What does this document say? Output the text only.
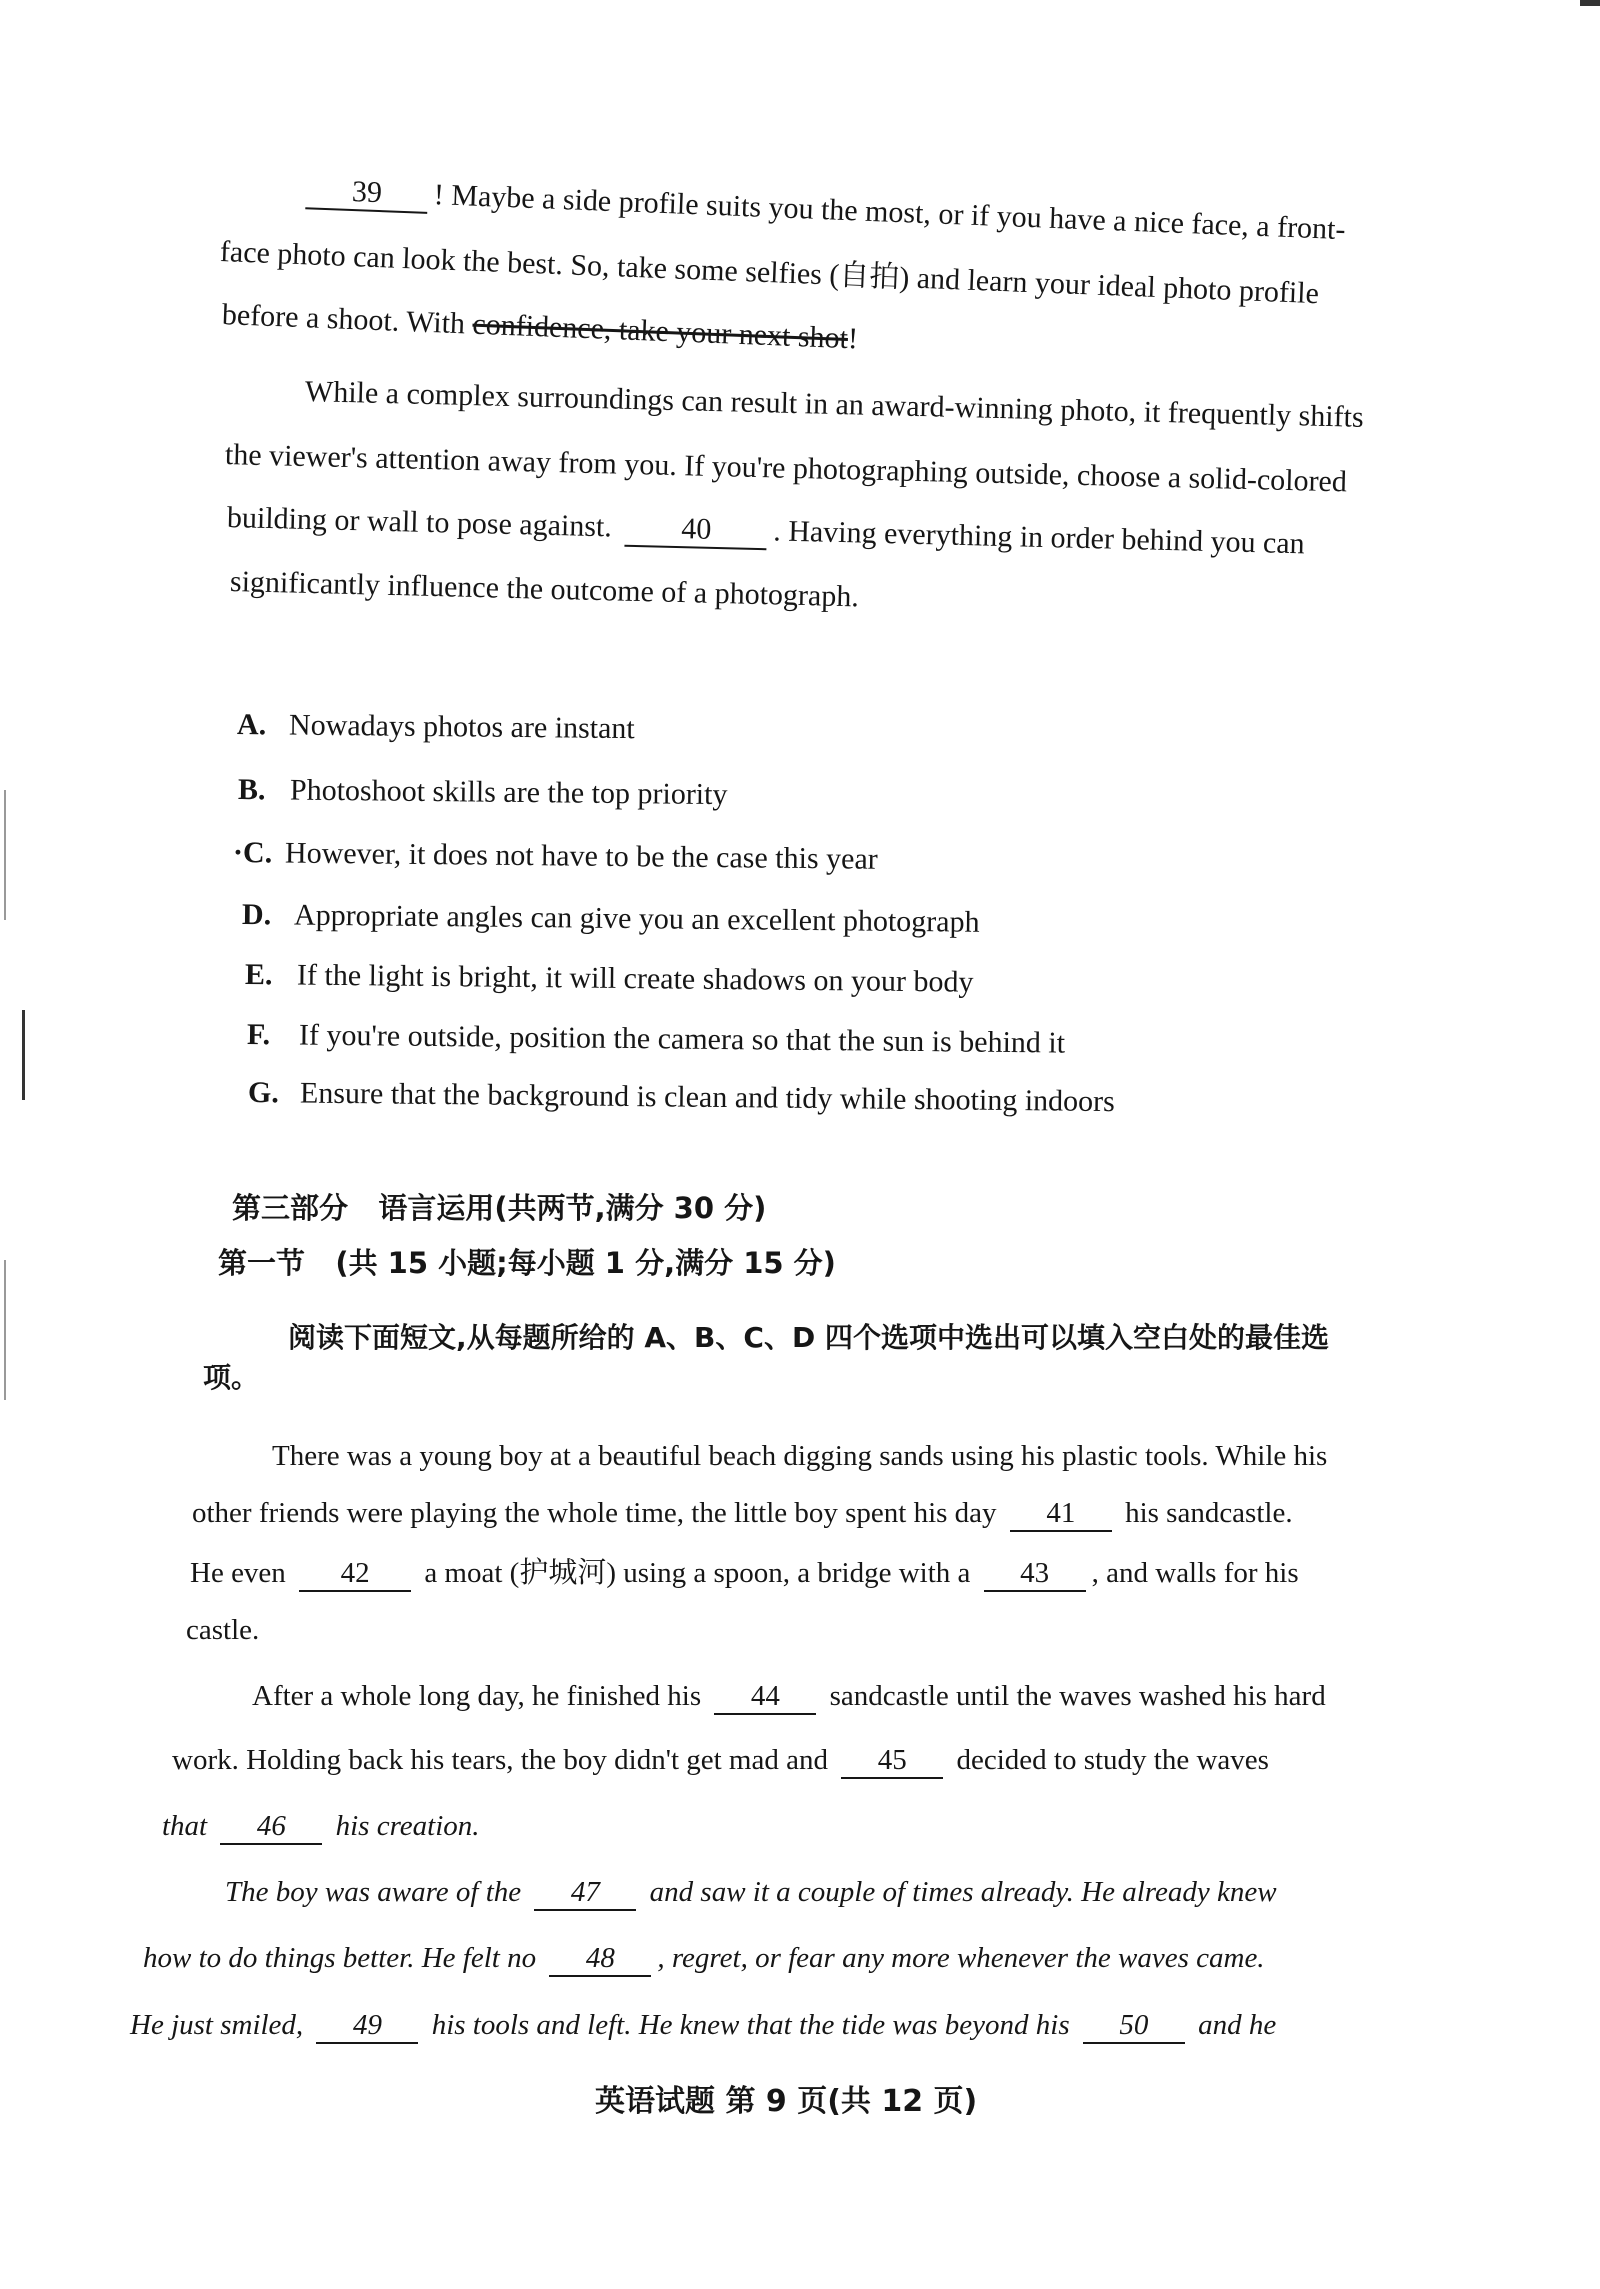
39 ! Maybe a side profile suits you the most, or if you have a nice face, a front-
face photo can look the best. So, take some selfies (自拍) and learn your ideal photo profile
before a shoot. With confidence, take your next shot!
While a complex surroundings can result in an award-winning photo, it frequently shifts
the viewer's attention away from you. If you're photographing outside, choose a solid-colored
building or wall to pose against. 40 . Having everything in order behind you can
significantly influence the outcome of a photograph.
A. Nowadays photos are instant
B. Photoshoot skills are the top priority
·C. However, it does not have to be the case this year
D. Appropriate angles can give you an excellent photograph
E. If the light is bright, it will create shadows on your body
F. If you're outside, position the camera so that the sun is behind it
G. Ensure that the background is clean and tidy while shooting indoors
第三部分 语言运用(共两节,满分 30 分)
第一节 (共 15 小题;每小题 1 分,满分 15 分)
阅读下面短文,从每题所给的 A、B、C、D 四个选项中选出可以填入空白处的最佳选
项。
There was a young boy at a beautiful beach digging sands using his plastic tools. While his
other friends were playing the whole time, the little boy spent his day 41 his sandcastle.
He even 42 a moat (护城河) using a spoon, a bridge with a 43 , and walls for his
castle.
After a whole long day, he finished his 44 sandcastle until the waves washed his hard
work. Holding back his tears, the boy didn't get mad and 45 decided to study the waves
that 46 his creation.
The boy was aware of the 47 and saw it a couple of times already. He already knew
how to do things better. He felt no 48 , regret, or fear any more whenever the waves came.
He just smiled, 49 his tools and left. He knew that the tide was beyond his 50 and he
英语试题 第 9 页(共 12 页)
